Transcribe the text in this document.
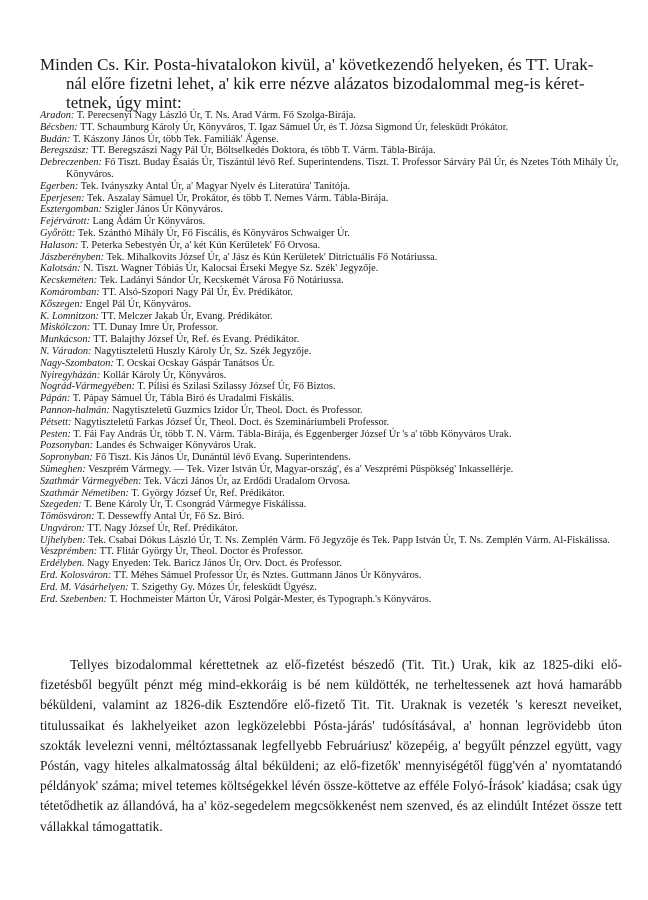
Minden Cs. Kir. Posta-hivatalokon kivül, a' következendő helyeken, és TT. Urak-
nál előre fizetni lehet, a' kik erre nézve alázatos bizodalommal meg-is kéret-
tetnek, úgy mint:
Aradon: T. Perecsenyi Nagy László Úr, T. Ns. Arad Várm. Fő Szolga-Birája.
Bécsben: TT. Schaumburg Károly Úr, Könyváros, T. Igaz Sámuel Úr, és T. Józsa Sigmond Úr, feleskűdt Prókátor.
Budán: T. Kászony János Úr, több Tek. Familiák' Ágense.
Beregszász: TT. Beregszászi Nagy Pál Úr, Böltselkedés Doktora, és több T. Várm. Tábla-Birája.
Debreczenben: Fő Tiszt. Buday Ésaiás Úr, Tiszántúl lévő Ref. Superintendens. Tiszt. T. Professor Sárváry Pál Úr, és Nzetes Tóth Mihály Úr, Könyváros.
Egerben: Tek. Iványszky Antal Úr, a' Magyar Nyelv és Literatúra' Tanítója.
Eperjesen: Tek. Aszalay Sámuel Úr, Prokátor, és több T. Nemes Várm. Tábla-Birája.
Esztergomban: Szigler János Úr Könyváros.
Fejérvárott: Lang Ádám Úr Könyváros.
Győrött: Tek. Szánthó Mihály Úr, Fő Fiscális, és Könyváros Schwaiger Úr.
Halason: T. Peterka Sebestyén Úr, a' két Kún Kerületek' Fő Orvosa.
Jászberényben: Tek. Mihalkovits József Úr, a' Jász és Kún Kerületek' Ditrictuális Fő Notáriussa.
Kalotsán: N. Tiszt. Wagner Tóbiás Úr, Kalocsai Érseki Megye Sz. Szék' Jegyzője.
Kecskeméten: Tek. Ladányi Sándor Úr, Kecskemét Városa Fő Notáriussa.
Komáromban: TT. Alsó-Szopori Nagy Pál Úr, Év. Prédikátor.
Kőszegen: Engel Pál Úr, Könyváros.
K. Lomnitzon: TT. Melczer Jakab Úr, Evang. Prédikátor.
Miskólczon: TT. Dunay Imre Úr, Professor.
Munkácson: TT. Balajthy József Úr, Ref. és Evang. Prédikátor.
N. Váradon: Nagytiszteletű Huszly Károly Úr, Sz. Szék Jegyzője.
Nagy-Szombaton: T. Ocskai Ocskay Gáspár Tanátsos Úr.
Nyiregyházán: Kollár Károly Úr, Könyváros.
Nográd-Vármegyében: T. Pilisi és Szilasi Szilassy József Úr, Fő Biztos.
Pápán: T. Pápay Sámuel Úr, Tábla Biró és Uradalmi Fiskális.
Pannon-halmán: Nagytiszteletű Guzmics Izidor Úr, Theol. Doct. és Professor.
Pétsett: Nagytiszteletű Farkas József Úr, Theol. Doct. és Szemináriumbeli Professor.
Pesten: T. Fái Fay András Úr, több T. N. Várm. Tábla-Birája, és Eggenberger József Úr 's a' több Könyváros Urak.
Pozsonyban: Landes és Schwaiger Könyváros Urak.
Sopronyban: Fő Tiszt. Kis János Úr, Dunántúl lévő Evang. Superintendens.
Sümeghen: Veszprém Vármegy. — Tek. Vizer István Úr, Magyar-ország', és a' Veszprémi Püspökség' Inkassellérje.
Szathmár Vármegyében: Tek. Váczi János Úr, az Erdődi Uradalom Orvosa.
Szathmár Németiben: T. György József Úr, Ref. Prédikátor.
Szegeden: T. Bene Károly Úr, T. Csongrád Vármegye Fiskálissa.
Tömösváron: T. Dessewffy Antal Úr, Fő Sz. Biró.
Ungváron: TT. Nagy József Úr, Ref. Prédikátor.
Ujhelyben: Tek. Csabai Dókus László Úr, T. Ns. Zemplén Várm. Fő Jegyzője és Tek. Papp István Úr, T. Ns. Zemplén Várm. Al-Fiskálissa.
Veszprémben: TT. Flitár György Úr, Theol. Doctor és Professor.
Erdélyben. Nagy Enyeden: Tek. Baricz János Úr, Orv. Doct. és Professor.
Erd. Kolosváron: TT. Méhes Sámuel Professor Úr, és Nztes. Guttmann János Úr Könyváros.
Erd. M. Vásárhelyen: T. Szigethy Gy. Mózes Úr, feleskűdt Ügyész.
Erd. Szebenben: T. Hochmeister Márton Úr, Városi Polgár-Mester, és Typograph.'s Könyváros.

Tellyes bizodalommal kérettetnek az elő-fizetést bészedő (Tit. Tit.) Urak, kik az 1825-diki elő-fizetésből begyűlt pénzt még mind-ekkoráig is bé nem küldötték, ne terheltessenek azt hová hamarább béküldeni, valamint az 1826-dik Esztendőre elő-fizető Tit. Tit. Uraknak is vezeték 's kereszt neveiket, titulussaikat és lakhelyeiket azon legközelebbi Pósta-járás' tudósításával, a' honnan legrövidebb úton szokták levelezni venni, méltóztassanak legfellyebb Februáriusz' közepéig, a' begyűlt pénzzel együtt, vagy Póstán, vagy hiteles alkalmatosság által béküldeni; az elő-fizetők' mennyiségétől függ'vén a' nyomtatandó példányok' száma; mivel tetemes költségekkel lévén össze-köttetve az efféle Folyó-Írások' kiadása; csak úgy tétetődhetik az állandóvá, ha a' köz-segedelem megcsökkenést nem szenved, és az elindúlt Intézet össze tett vállakkal támogattatik.
